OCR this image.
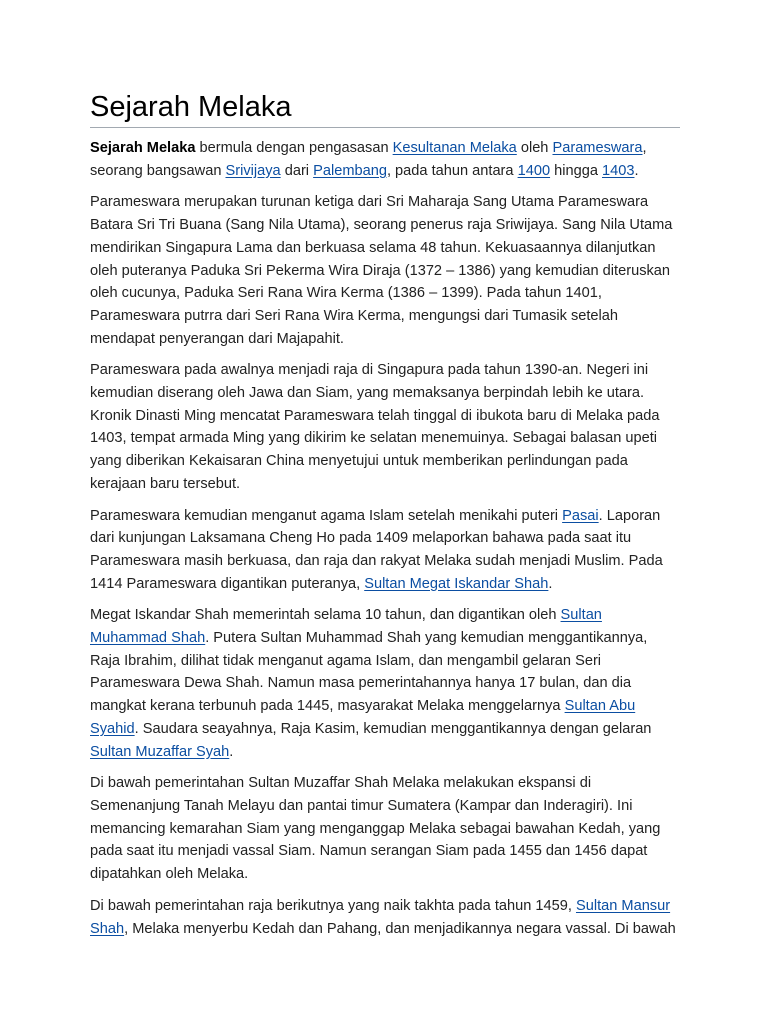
Sejarah Melaka

Sejarah Melaka bermula dengan pengasasan Kesultanan Melaka oleh Parameswara, seorang bangsawan Srivijaya dari Palembang, pada tahun antara 1400 hingga 1403.

Parameswara merupakan turunan ketiga dari Sri Maharaja Sang Utama Parameswara Batara Sri Tri Buana (Sang Nila Utama), seorang penerus raja Sriwijaya. Sang Nila Utama mendirikan Singapura Lama dan berkuasa selama 48 tahun. Kekuasaannya dilanjutkan oleh puteranya Paduka Sri Pekerma Wira Diraja (1372 – 1386) yang kemudian diteruskan oleh cucunya, Paduka Seri Rana Wira Kerma (1386 – 1399). Pada tahun 1401, Parameswara putrra dari Seri Rana Wira Kerma, mengungsi dari Tumasik setelah mendapat penyerangan dari Majapahit.

Parameswara pada awalnya menjadi raja di Singapura pada tahun 1390-an. Negeri ini kemudian diserang oleh Jawa dan Siam, yang memaksanya berpindah lebih ke utara. Kronik Dinasti Ming mencatat Parameswara telah tinggal di ibukota baru di Melaka pada 1403, tempat armada Ming yang dikirim ke selatan menemuinya. Sebagai balasan upeti yang diberikan Kekaisaran China menyetujui untuk memberikan perlindungan pada kerajaan baru tersebut.

Parameswara kemudian menganut agama Islam setelah menikahi puteri Pasai. Laporan dari kunjungan Laksamana Cheng Ho pada 1409 melaporkan bahawa pada saat itu Parameswara masih berkuasa, dan raja dan rakyat Melaka sudah menjadi Muslim. Pada 1414 Parameswara digantikan puteranya, Sultan Megat Iskandar Shah.

Megat Iskandar Shah memerintah selama 10 tahun, dan digantikan oleh Sultan Muhammad Shah. Putera Sultan Muhammad Shah yang kemudian menggantikannya, Raja Ibrahim, dilihat tidak menganut agama Islam, dan mengambil gelaran Seri Parameswara Dewa Shah. Namun masa pemerintahannya hanya 17 bulan, dan dia mangkat kerana terbunuh pada 1445, masyarakat Melaka menggelarnya Sultan Abu Syahid. Saudara seayahnya, Raja Kasim, kemudian menggantikannya dengan gelaran Sultan Muzaffar Syah.

Di bawah pemerintahan Sultan Muzaffar Shah Melaka melakukan ekspansi di Semenanjung Tanah Melayu dan pantai timur Sumatera (Kampar dan Inderagiri). Ini memancing kemarahan Siam yang menganggap Melaka sebagai bawahan Kedah, yang pada saat itu menjadi vassal Siam. Namun serangan Siam pada 1455 dan 1456 dapat dipatahkan oleh Melaka.

Di bawah pemerintahan raja berikutnya yang naik takhta pada tahun 1459, Sultan Mansur Shah, Melaka menyerbu Kedah dan Pahang, dan menjadikannya negara vassal. Di bawah
